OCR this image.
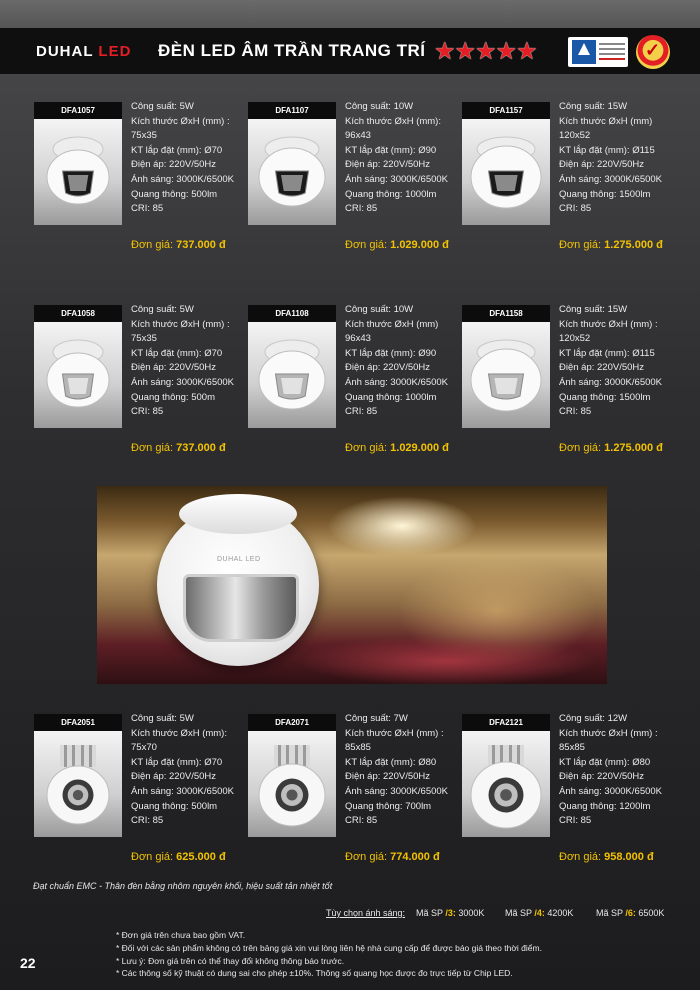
DUHAL LED ĐÈN LED ÂM TRẦN TRANG TRÍ ★★★★★	✓
DFA1057	Công suất: 5W
Kích thước ØxH (mm) :
75x35
KT lắp đặt (mm): Ø70
Điện áp: 220V/50Hz
Ánh sáng: 3000K/6500K
Quang thông: 500lm
CRI: 85
Đơn giá: 737.000 đ
DFA1107	Công suất: 10W
Kích thước ØxH (mm):
96x43
KT lắp đặt (mm): Ø90
Điện áp: 220V/50Hz
Ánh sáng: 3000K/6500K
Quang thông: 1000lm
CRI: 85
Đơn giá: 1.029.000 đ
DFA1157	Công suất: 15W
Kích thước ØxH (mm)
120x52
KT lắp đặt (mm): Ø115
Điện áp: 220V/50Hz
Ánh sáng: 3000K/6500K
Quang thông: 1500lm
CRI: 85
Đơn giá: 1.275.000 đ
DFA1058	Công suất: 5W
Kích thước ØxH (mm) :
75x35
KT lắp đặt (mm): Ø70
Điện áp: 220V/50Hz
Ánh sáng: 3000K/6500K
Quang thông: 500m
CRI: 85
Đơn giá: 737.000 đ
DFA1108	Công suất: 10W
Kích thước ØxH (mm)
96x43
KT lắp đặt (mm): Ø90
Điện áp: 220V/50Hz
Ánh sáng: 3000K/6500K
Quang thông: 1000lm
CRI: 85
Đơn giá: 1.029.000 đ
DFA1158	Công suất: 15W
Kích thước ØxH (mm) :
120x52
KT lắp đặt (mm): Ø115
Điện áp: 220V/50Hz
Ánh sáng: 3000K/6500K
Quang thông: 1500lm
CRI: 85
Đơn giá: 1.275.000 đ
DFA2051	Công suất: 5W
Kích thước ØxH (mm):
75x70
KT lắp đặt (mm): Ø70
Điện áp: 220V/50Hz
Ánh sáng: 3000K/6500K
Quang thông: 500lm
CRI: 85
Đơn giá: 625.000 đ
DFA2071	Công suất: 7W
Kích thước ØxH (mm) :
85x85
KT lắp đặt (mm): Ø80
Điện áp: 220V/50Hz
Ánh sáng: 3000K/6500K
Quang thông: 700lm
CRI: 85
Đơn giá: 774.000 đ
DFA2121	Công suất: 12W
Kích thước ØxH (mm) :
85x85
KT lắp đặt (mm): Ø80
Điện áp: 220V/50Hz
Ánh sáng: 3000K/6500K
Quang thông: 1200lm
CRI: 85
Đơn giá: 958.000 đ
DUHAL LED
Đạt chuẩn EMC - Thân đèn bằng nhôm nguyên khối, hiệu suất tản nhiệt tốt
Tùy chọn ánh sáng: Mã SP /3: 3000K Mã SP /4: 4200K	Mã SP /6: 6500K
* Đơn giá trên chưa bao gồm VAT.
* Đối với các sản phẩm không có trên bảng giá xin vui lòng liên hệ nhà cung cấp để được báo giá theo thời điểm.
* Lưu ý: Đơn giá trên có thể thay đổi không thông báo trước.
* Các thông số kỹ thuật có dung sai cho phép ±10%. Thông số quang học được đo trực tiếp từ Chip LED.
22
